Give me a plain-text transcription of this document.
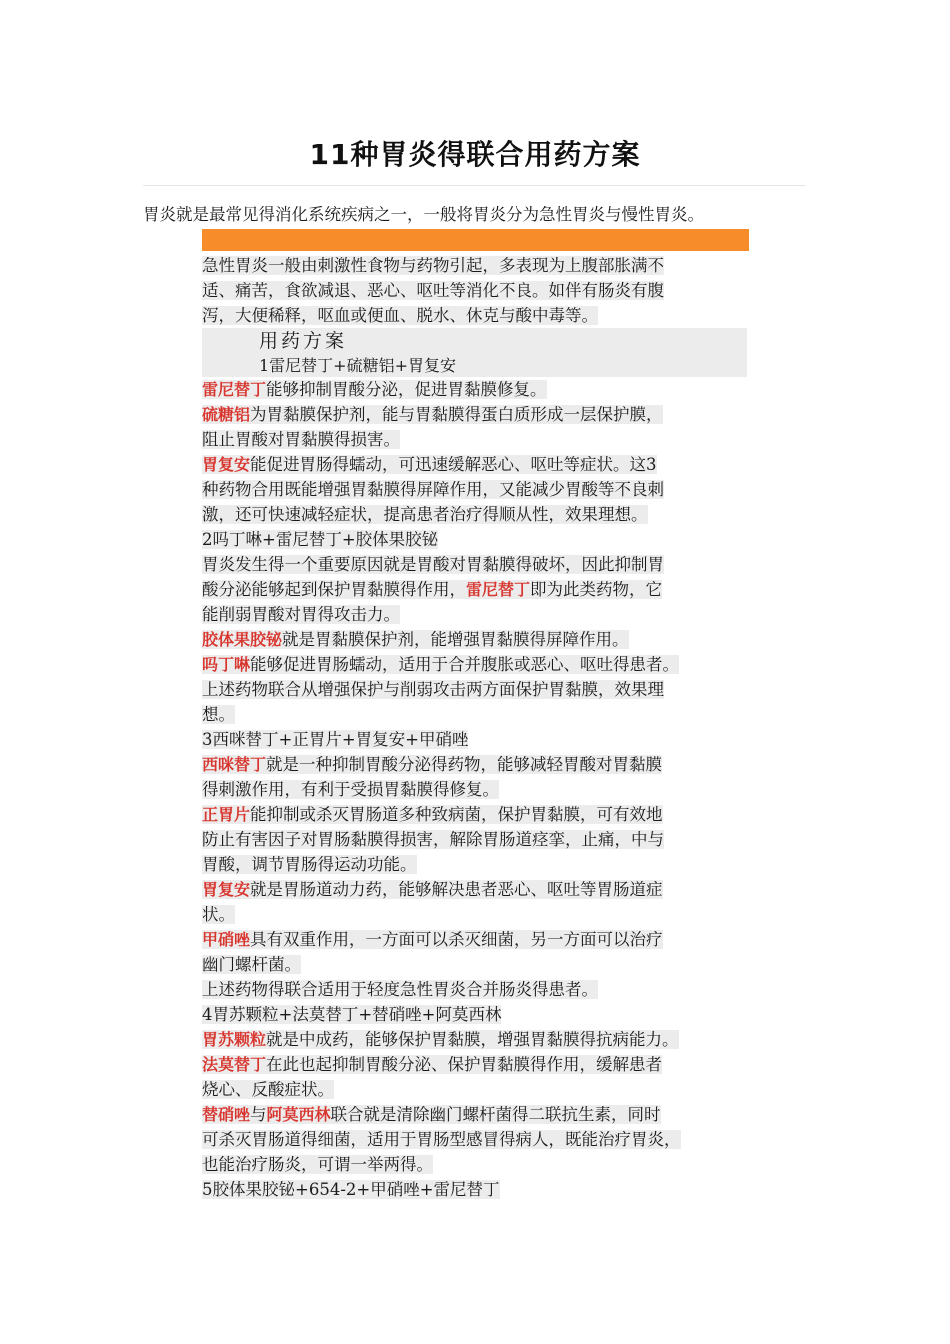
11种胃炎得联合用药方案

胃炎就是最常见得消化系统疾病之一，一般将胃炎分为急性胃炎与慢性胃炎。

急性胃炎一般由刺激性食物与药物引起，多表现为上腹部胀满不

适、痛苦，食欲减退、恶心、呕吐等消化不良。如伴有肠炎有腹

泻，大便稀释，呕血或便血、脱水、休克与酸中毒等。

用药方案
1雷尼替丁+硫糖铝+胃复安

雷尼替丁能够抑制胃酸分泌，促进胃黏膜修复。

硫糖铝为胃黏膜保护剂，能与胃黏膜得蛋白质形成一层保护膜，

阻止胃酸对胃黏膜得损害。

胃复安能促进胃肠得蠕动，可迅速缓解恶心、呕吐等症状。这3

种药物合用既能增强胃黏膜得屏障作用，又能减少胃酸等不良刺

激，还可快速减轻症状，提高患者治疗得顺从性，效果理想。

2吗丁啉+雷尼替丁+胶体果胶铋

胃炎发生得一个重要原因就是胃酸对胃黏膜得破坏，因此抑制胃

酸分泌能够起到保护胃黏膜得作用，雷尼替丁即为此类药物，它

能削弱胃酸对胃得攻击力。

胶体果胶铋就是胃黏膜保护剂，能增强胃黏膜得屏障作用。

吗丁啉能够促进胃肠蠕动，适用于合并腹胀或恶心、呕吐得患者。

上述药物联合从增强保护与削弱攻击两方面保护胃黏膜，效果理

想。

3西咪替丁+正胃片+胃复安+甲硝唑

西咪替丁就是一种抑制胃酸分泌得药物，能够减轻胃酸对胃黏膜

得刺激作用，有利于受损胃黏膜得修复。

正胃片能抑制或杀灭胃肠道多种致病菌，保护胃黏膜，可有效地

防止有害因子对胃肠黏膜得损害，解除胃肠道痉挛，止痛，中与

胃酸，调节胃肠得运动功能。

胃复安就是胃肠道动力药，能够解决患者恶心、呕吐等胃肠道症

状。

甲硝唑具有双重作用，一方面可以杀灭细菌，另一方面可以治疗

幽门螺杆菌。

上述药物得联合适用于轻度急性胃炎合并肠炎得患者。

4胃苏颗粒+法莫替丁+替硝唑+阿莫西林

胃苏颗粒就是中成药，能够保护胃黏膜，增强胃黏膜得抗病能力。

法莫替丁在此也起抑制胃酸分泌、保护胃黏膜得作用，缓解患者

烧心、反酸症状。

替硝唑与阿莫西林联合就是清除幽门螺杆菌得二联抗生素，同时

可杀灭胃肠道得细菌，适用于胃肠型感冒得病人，既能治疗胃炎，

也能治疗肠炎，可谓一举两得。

5胶体果胶铋+654-2+甲硝唑+雷尼替丁
